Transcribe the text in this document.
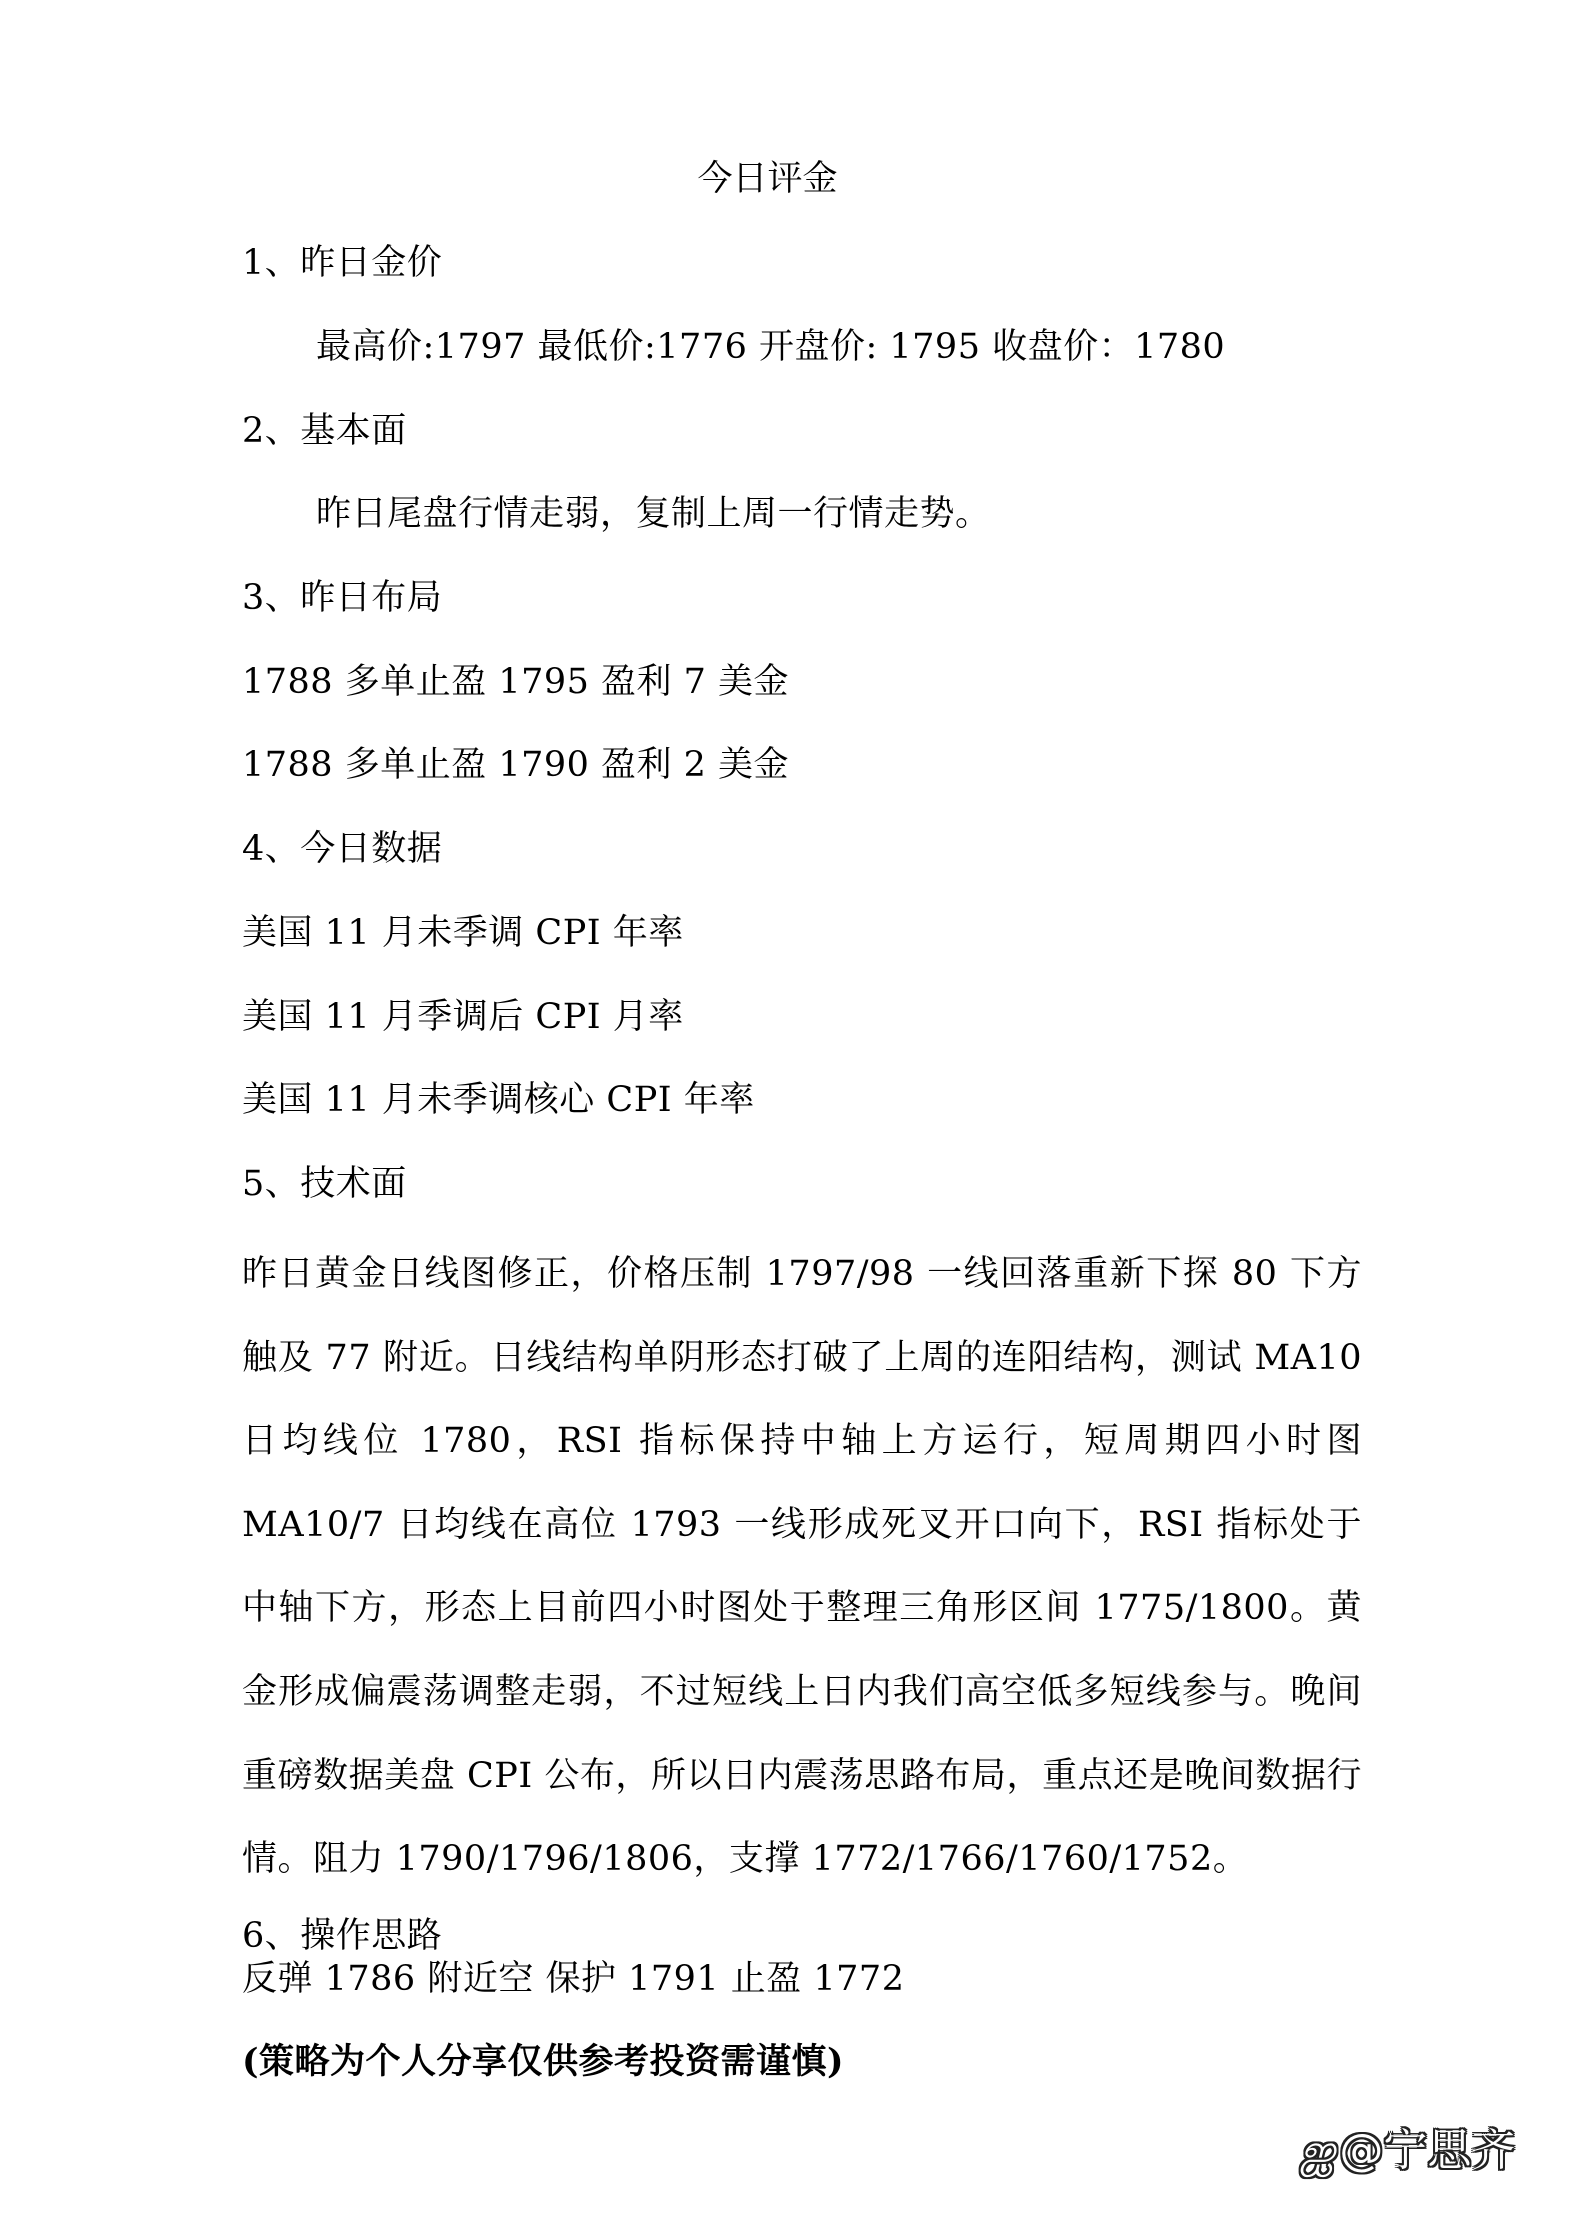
今日评金
1、昨日金价
最高价:1797 最低价:1776 开盘价: 1795 收盘价：1780
2、基本面
昨日尾盘行情走弱，复制上周一行情走势。
3、昨日布局
1788 多单止盈 1795 盈利 7 美金
1788 多单止盈 1790 盈利 2 美金
4、今日数据
美国 11 月未季调 CPI 年率
美国 11 月季调后 CPI 月率
美国 11 月未季调核心 CPI 年率
5、技术面
昨日黄金日线图修正，价格压制 1797/98 一线回落重新下探 80 下方触及 77 附近。日线结构单阴形态打破了上周的连阳结构，测试 MA10 日均线位 1780，RSI 指标保持中轴上方运行，短周期四小时图 MA10/7 日均线在高位 1793 一线形成死叉开口向下，RSI 指标处于中轴下方，形态上目前四小时图处于整理三角形区间 1775/1800。黄金形成偏震荡调整走弱，不过短线上日内我们高空低多短线参与。晚间重磅数据美盘 CPI 公布，所以日内震荡思路布局，重点还是晚间数据行情。阻力 1790/1796/1806，支撑 1772/1766/1760/1752。
6、操作思路
反弹 1786 附近空 保护 1791 止盈 1772
(策略为个人分享仅供参考投资需谨慎)
ஐ@宁思齐
